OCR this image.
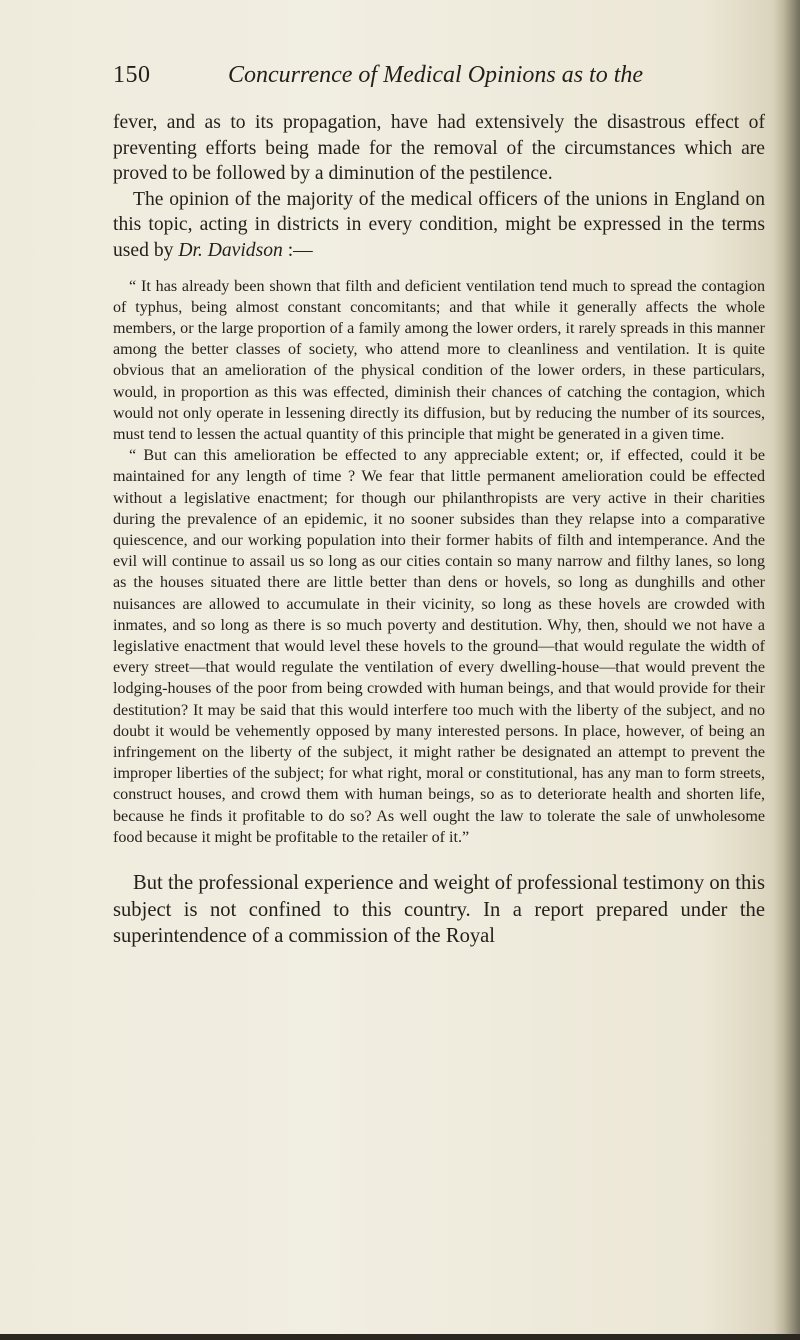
150	Concurrence of Medical Opinions as to the

fever, and as to its propagation, have had extensively the disastrous effect of preventing efforts being made for the removal of the circumstances which are proved to be followed by a diminution of the pestilence.

The opinion of the majority of the medical officers of the unions in England on this topic, acting in districts in every condition, might be expressed in the terms used by Dr. Davidson :—

“ It has already been shown that filth and deficient ventilation tend much to spread the contagion of typhus, being almost constant concomitants; and that while it generally affects the whole members, or the large proportion of a family among the lower orders, it rarely spreads in this manner among the better classes of society, who attend more to cleanliness and ventilation. It is quite obvious that an amelioration of the physical condition of the lower orders, in these particulars, would, in proportion as this was effected, diminish their chances of catching the contagion, which would not only operate in lessening directly its diffusion, but by reducing the number of its sources, must tend to lessen the actual quantity of this principle that might be generated in a given time.

“ But can this amelioration be effected to any appreciable extent; or, if effected, could it be maintained for any length of time ? We fear that little permanent amelioration could be effected without a legislative enactment; for though our philanthropists are very active in their charities during the prevalence of an epidemic, it no sooner subsides than they relapse into a comparative quiescence, and our working population into their former habits of filth and intemperance. And the evil will continue to assail us so long as our cities contain so many narrow and filthy lanes, so long as the houses situated there are little better than dens or hovels, so long as dunghills and other nuisances are allowed to accumulate in their vicinity, so long as these hovels are crowded with inmates, and so long as there is so much poverty and destitution. Why, then, should we not have a legislative enactment that would level these hovels to the ground—that would regulate the width of every street—that would regulate the ventilation of every dwelling-house—that would prevent the lodging-houses of the poor from being crowded with human beings, and that would provide for their destitution? It may be said that this would interfere too much with the liberty of the subject, and no doubt it would be vehemently opposed by many interested persons. In place, however, of being an infringement on the liberty of the subject, it might rather be designated an attempt to prevent the improper liberties of the subject; for what right, moral or constitutional, has any man to form streets, construct houses, and crowd them with human beings, so as to deteriorate health and shorten life, because he finds it profitable to do so? As well ought the law to tolerate the sale of unwholesome food because it might be profitable to the retailer of it.”

But the professional experience and weight of professional testimony on this subject is not confined to this country. In a report prepared under the superintendence of a commission of the Royal
